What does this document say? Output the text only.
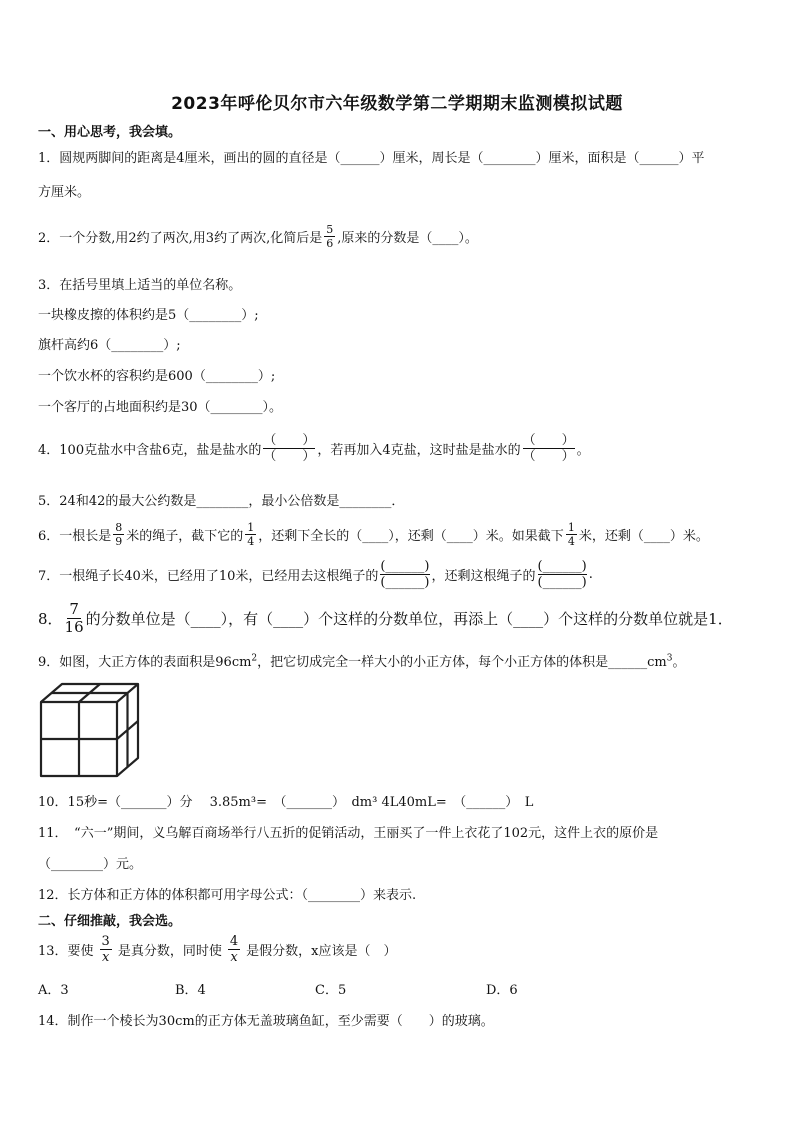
2023年呼伦贝尔市六年级数学第二学期期末监测模拟试题
一、用心思考，我会填。
1．圆规两脚间的距离是4厘米，画出的圆的直径是（______）厘米，周长是（________）厘米，面积是（______）平
方厘米。
2．一个分数,用2约了两次,用3约了两次,化简后是 $\frac{5}{6}$ ,原来的分数是（____）。
3．在括号里填上适当的单位名称。
一块橡皮擦的体积约是5（________）;
旗杆高约6（________）;
一个饮水杯的容积约是600（________）;
一个客厅的占地面积约是30（________）。
4．100克盐水中含盐6克，盐是盐水的 $\frac{( )}{( )}$ ，若再加入4克盐，这时盐是盐水的 $\frac{( )}{( )}$ 。
5．24和42的最大公约数是________，最小公倍数是________．
6．一根长是 $\frac{8}{9}$ 米的绳子，截下它的 $\frac{1}{4}$ ，还剩下全长的（____），还剩（____）米。如果截下 $\frac{1}{4}$ 米，还剩（____）米。
7．一根绳子长40米，已经用了10米，已经用去这根绳子的 $\frac{(\_\_\_\_\_\_)}{(\_\_\_\_\_\_)}$ ，还剩这根绳子的 $\frac{(\_\_\_\_\_\_)}{(\_\_\_\_\_\_)}$ .
8． $\frac{7}{16}$ 的分数单位是（____），有（____）个这样的分数单位，再添上（____）个这样的分数单位就是1．
9．如图，大正方体的表面积是$96cm^2$，把它切成完全一样大小的小正方体，每个小正方体的体积是$\_\_\_\_\_\_cm^3$。
10．15秒=（_______）分　 3.85m³=　（_______）　dm³ 4L40mL=　（______）　L
11．　“六一”期间，义乌解百商场举行八五折的促销活动，王丽买了一件上衣花了102元，这件上衣的原价是
（________）元。
12．长方体和正方体的体积都可用字母公式：（________）来表示.
二、仔细推敲，我会选。
13．要使 $\frac{3}{x}$ 是真分数，同时使 $\frac{4}{x}$ 是假分数，x应该是（　）
A．3	B．4	C．5	D．6
14．制作一个棱长为30cm的正方体无盖玻璃鱼缸，至少需要（　　）的玻璃。
